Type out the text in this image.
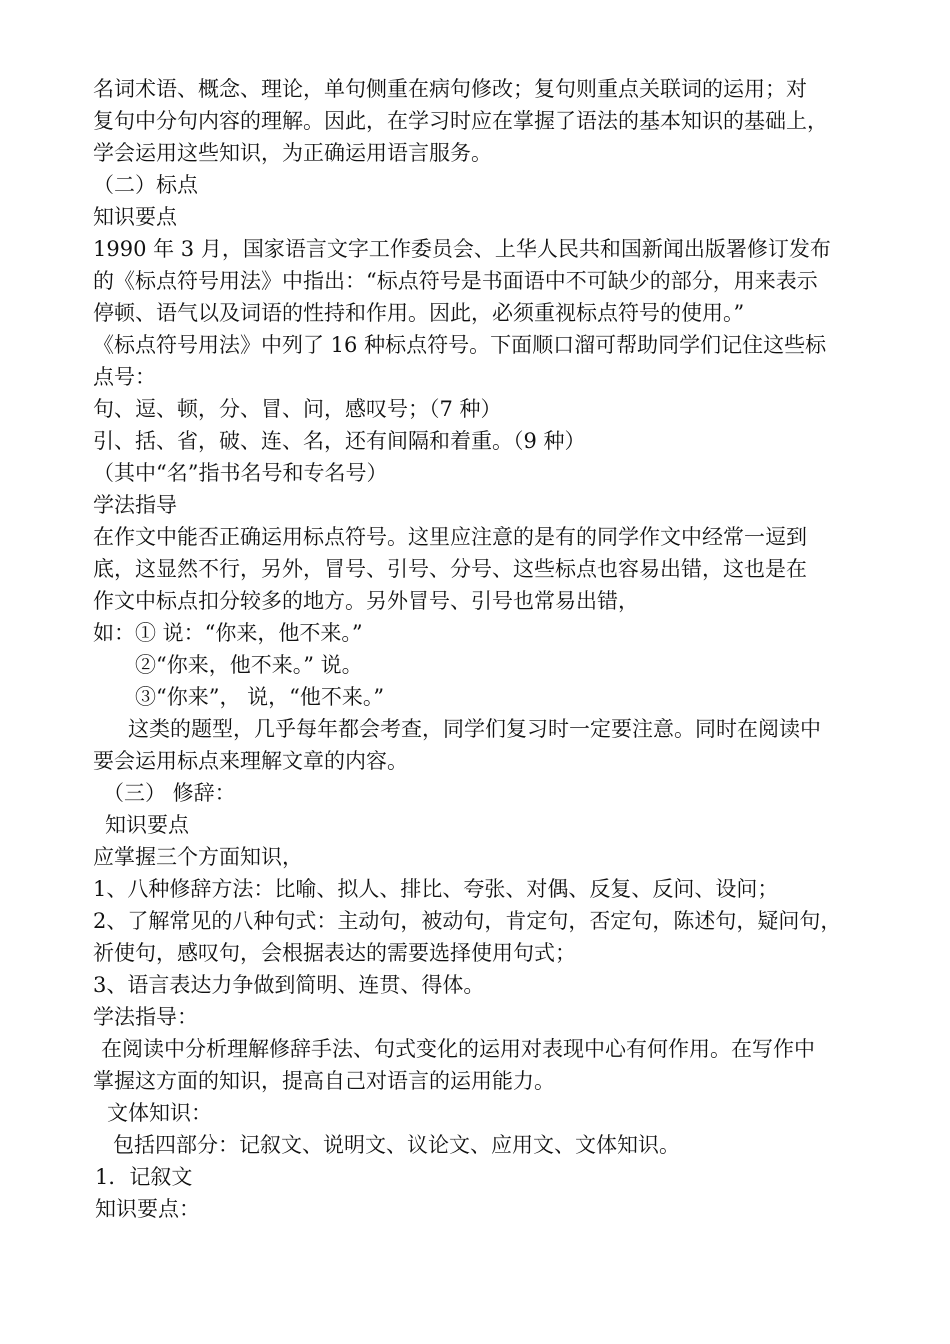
名词术语、概念、理论，单句侧重在病句修改；复句则重点关联词的运用；对
复句中分句内容的理解。因此，在学习时应在掌握了语法的基本知识的基础上，
学会运用这些知识，为正确运用语言服务。
（二）标点
知识要点
1990 年 3 月，国家语言文字工作委员会、上华人民共和国新闻出版署修订发布
的《标点符号用法》中指出：“标点符号是书面语中不可缺少的部分，用来表示
停顿、语气以及词语的性持和作用。因此，必须重视标点符号的使用。”
《标点符号用法》中列了 16 种标点符号。下面顺口溜可帮助同学们记住这些标
点号：
句、逗、顿，分、冒、问，感叹号；（7 种）
引、括、省，破、连、名，还有间隔和着重。（9 种）
（其中“名”指书名号和专名号）
学法指导
在作文中能否正确运用标点符号。这里应注意的是有的同学作文中经常一逗到
底，这显然不行，另外，冒号、引号、分号、这些标点也容易出错，这也是在
作文中标点扣分较多的地方。另外冒号、引号也常易出错，
如：① 说：“你来，他不来。”
②“你来，他不来。” 说。
③“你来”， 说，“他不来。”
这类的题型，几乎每年都会考查，同学们复习时一定要注意。同时在阅读中
要会运用标点来理解文章的内容。
（三） 修辞：
知识要点
应掌握三个方面知识，
1、八种修辞方法：比喻、拟人、排比、夸张、对偶、反复、反问、设问；
2、了解常见的八种句式：主动句，被动句，肯定句，否定句，陈述句，疑问句，
祈使句，感叹句，会根据表达的需要选择使用句式；
3、语言表达力争做到简明、连贯、得体。
学法指导：
在阅读中分析理解修辞手法、句式变化的运用对表现中心有何作用。在写作中
掌握这方面的知识，提高自己对语言的运用能力。
文体知识：
包括四部分：记叙文、说明文、议论文、应用文、文体知识。
1．记叙文
知识要点：
